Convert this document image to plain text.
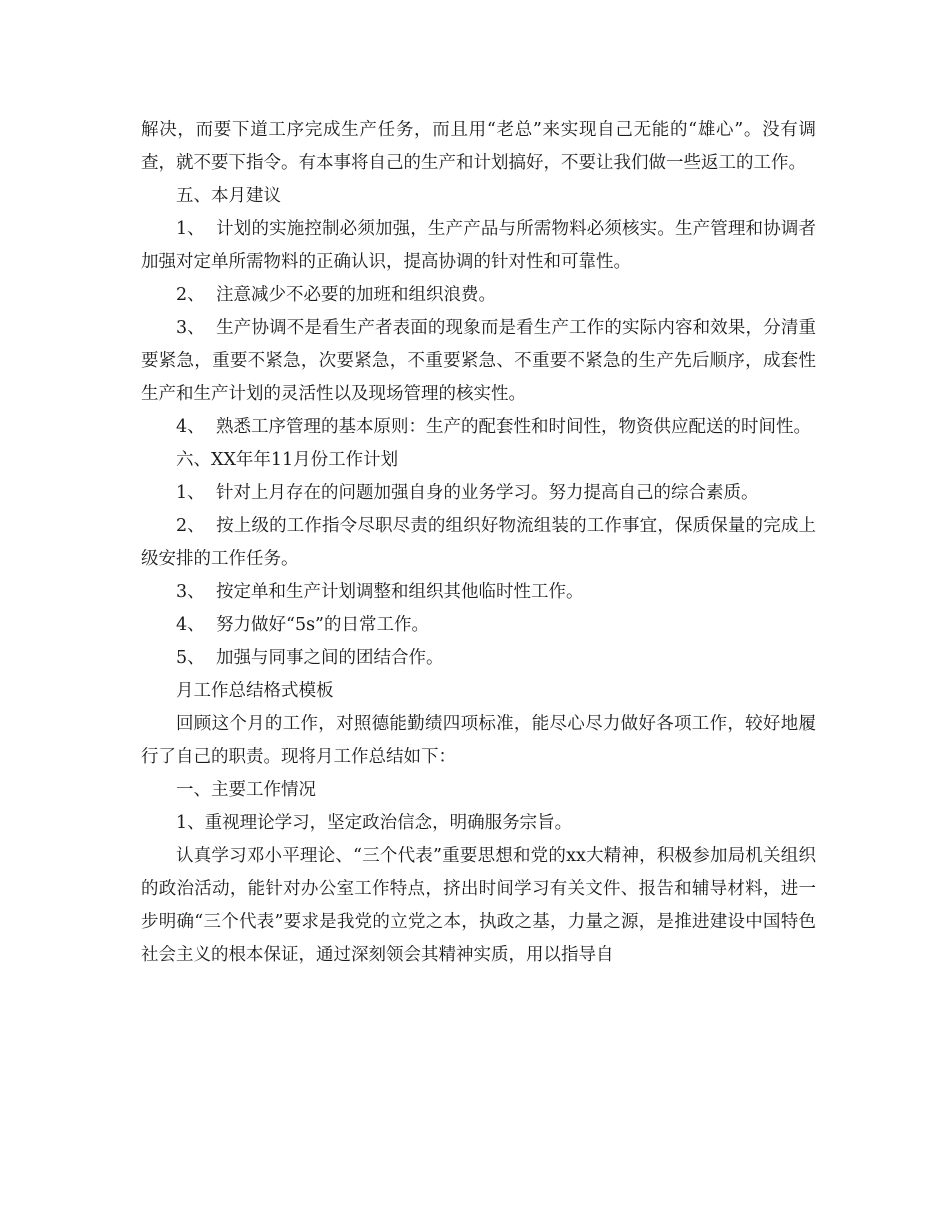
解决，而要下道工序完成生产任务，而且用“老总”来实现自己无能的“雄心”。没有调查，就不要下指令。有本事将自己的生产和计划搞好，不要让我们做一些返工的工作。

五、本月建议

1、 计划的实施控制必须加强，生产产品与所需物料必须核实。生产管理和协调者加强对定单所需物料的正确认识，提高协调的针对性和可靠性。

2、 注意减少不必要的加班和组织浪费。

3、 生产协调不是看生产者表面的现象而是看生产工作的实际内容和效果，分清重要紧急，重要不紧急，次要紧急，不重要紧急、不重要不紧急的生产先后顺序，成套性生产和生产计划的灵活性以及现场管理的核实性。

4、 熟悉工序管理的基本原则：生产的配套性和时间性，物资供应配送的时间性。

六、XX年年11月份工作计划

1、 针对上月存在的问题加强自身的业务学习。努力提高自己的综合素质。

2、 按上级的工作指令尽职尽责的组织好物流组装的工作事宜，保质保量的完成上级安排的工作任务。

3、 按定单和生产计划调整和组织其他临时性工作。

4、 努力做好“5s”的日常工作。

5、 加强与同事之间的团结合作。

月工作总结格式模板

回顾这个月的工作，对照德能勤绩四项标准，能尽心尽力做好各项工作，较好地履行了自己的职责。现将月工作总结如下：

一、主要工作情况

1、重视理论学习，坚定政治信念，明确服务宗旨。

认真学习邓小平理论、“三个代表”重要思想和党的xx大精神，积极参加局机关组织的政治活动，能针对办公室工作特点，挤出时间学习有关文件、报告和辅导材料，进一步明确“三个代表”要求是我党的立党之本，执政之基，力量之源，是推进建设中国特色社会主义的根本保证，通过深刻领会其精神实质，用以指导自
